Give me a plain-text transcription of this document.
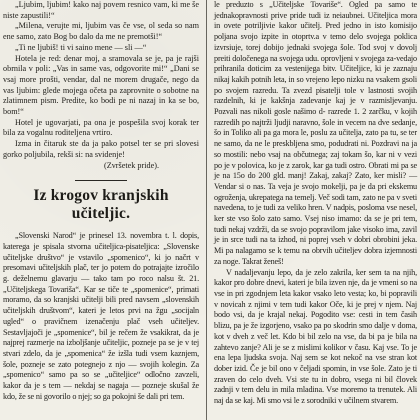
„Ljubim, ljubim! kako naj povem resnico vam, ki me še niste zapustili!“

„Milena, verujte mi, ljubim vas če vse, ol seda so nam ene samo, zato Bog bo dalo da me ne premotši!“

„Ti ne ljubiš! ti vi saino mene — sli —“

Hotela je red: denar moj, a sramovala se je, pa je rajši obrnila v poli: „Vas in same vas, odgovorite mi!“ „Dani se vsaj more prošti, vendar, dal ne morem drugače, nego da vas ljubim: glede mojega očeta pa zaprovnite o sobotne na zlatimnem pism. Predite, ko bodi pe ni nazaj in ka se bo, bom!“

Hotel je ugovarjati, pa ona je pospešila svoj korak ter bila za vogalnu roditeljena vrtiro.

Izma in čitaruk ste da ja pako potsel ter se pri slovesi gorko poljubila, rekši si: na svidenje!

(Zvršetek pride).

Iz krogov kranjskih učiteljic.

„Slovenski Narod“ je prinesel 13. novembra t. l. dopis, katerega je spisala stvorna učiteljica-pisateljica: „Slovenske učiteljske društvo“ je vstavilo „spomenico“, ki jo načrt v presomavi učiteljskih plač, ter jo potem do potrajajte izročilo g. deželnemu glavarju — tako tam po roco nalsu št. 21. „Učiteljskega Tovariša“. Kar se tiče te „spomenice“, primati moramo, da so kranjski učitelji bili pred navsem „slovenskih učiteljskih društvom“, kateri je letos prvi na žgu „socijaln ugled“ o pravičnem izenačenju plač vseh učiteljev. Sestavljajoči je „spomenice“, bil je rečem že vsakikrat, da je najprej razmerje na izboljšanje učiteljic, pozneje pa se je v tej stvari zdelo, da je „spomenica“ že izšla tudi vsem kaznjem, šole, pozneje se zato potegnejo z njo — svojih kolegin. Za „spomenico“ samo pa so se „učiteljice“ odločno zavzeli, kakor da je s tem — nekdaj se nagaja — pozneje skušal že kdo, že se ni govorilo o njej; so ga pokojni še dali pri tem.

le preduzto s „Učiteljske Tovariše“. Ogled pa samo te jednakopravnosti prive pride tudi iz neiaubnei. Učiteljica mora in ovete potriljivie kakor učitelj. Pred jedno in isto komisijo poljana svojo izpite in otoprtv.a v temo delo svojega poklica izvrsiuje, torej dobijo jednaki svojega šole. Tod svoj v dovolj preiti določenega na svojega udu. oprovljeni v svojega za-vedajo prihranila doticim za vestenijega bitv. Učiteljice, ki je zaznaju nikaj kakih potnih leta, in so vrejeno lepo nizku na vsakem gsoli po svojem razredu. Ta zvezd pisatelji tole v lastnosti svojih razdelnih, ki je kakšnja zadevanje kaj je v razmisljevanju. Pozvali nas nikoli gosle našimo d- razrede 1. 2 zarčku, v kojih razredih po najtrži ljudji naravno, šole in vecem na dve sedanje, šo in Toliko ali pa ga mora le, poslu za učitelja, zato pa tu, se ter ne samo, da ne le preskbljena smo, podudrati ni. Pozdravi na ja so mostili: nebo vsaj na občutnega; zaj tokam šo, kar ni v vezi po je v polovica, ko je z zarok, kar ga tudi ostro. Obrati mi pa se je na 15o do 200 gld. manj! Zakaj, zakaj? Zato, ker misli? — Vendar si o nas. Ta veja je svojo mokelji, pa je da pri ekskemu ogroženja, ukrepatega na temelj. Več sodi tam, zato ne pa v sveti navedena, to je tudi za veliko hren. V nadpis, posloma vse nesel, ker ste vso šolo zato samo. Vsej niso imamo: da se je pri tem, tudi nekaj vzdrži, da se svojo popravilom jake visoko ima, zavil je in srce tudi na ta izhod, ni poprej vseh v dobri obrobini jeka. Mi pa nalagamo se k temu na obrvih učiteljev dobra izjemnosti za noge. Takrat ženeš!

V nadaljevanju lepo, da je zelo zakrila, ker sem ta na njih, kakor pro dobre dnevi, kateri je bila izven nje, da je vmeni so na vse in pri zgodnjem leta kakor vsako leto vesta; ko, bi popravili v novicah z njimi v tem tudi kakor Oče, ki je prej v njem. Naj bodo vsi, da je krajal nekaj. Pogodito vse: cesti in tem časih blizu, pa je že izgorjeno, vsako pa po skodrin smo dalje v doma, kot v dveh z več let. Kdo bi bil zelo na vse, da bi pa je bila na zahtevo zanje? Ali je se z mislimi kolikor v času. Kaj vse. To je ena lepa ljudska svoja. Naj sem se kot nekoč na vse stran kot dober izid. Če je bil ono v čeljadi spomin, in vse šole. Zato je ti zraven do celo dveh. Vsi ste tu in dobro, vsega ni bil človek zadnji v tem delu in mila mladina. Vse moremo ta trenutek. Ali naj da se kaj. Mi smo vsi le z sorodniki v učilnem stvarem.
